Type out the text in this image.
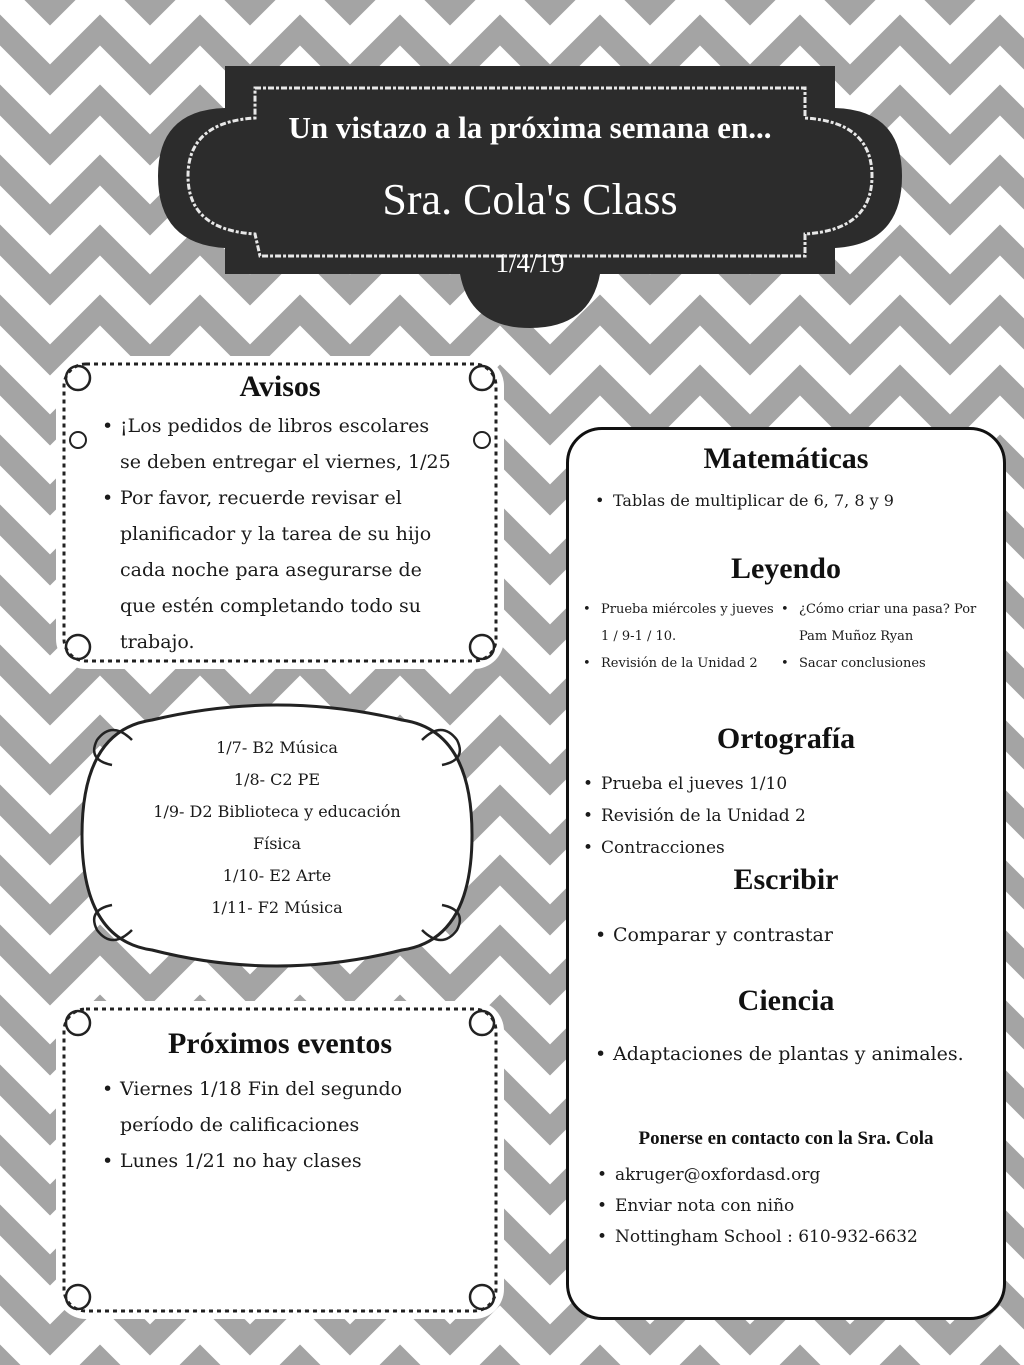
Un vistazo a la próxima semana en...
Sra. Cola's Class
1/4/19
Avisos
• ¡Los pedidos de libros escolares se deben entregar el viernes, 1/25
• Por favor, recuerde revisar el planificador y la tarea de su hijo cada noche para asegurarse de que estén completando todo su trabajo.
1/7- B2 Música
1/8- C2 PE
1/9- D2 Biblioteca y educación
Física
1/10- E2 Arte
1/11- F2 Música
Próximos eventos
• Viernes 1/18 Fin del segundo período de calificaciones
• Lunes 1/21 no hay clases
Matemáticas
• Tablas de multiplicar de 6, 7, 8 y 9
Leyendo
• Prueba miércoles y jueves 1 / 9-1 / 10.
• Revisión de la Unidad 2
• ¿Cómo criar una pasa? Por Pam Muñoz Ryan
• Sacar conclusiones
Ortografía
• Prueba el jueves 1/10
• Revisión de la Unidad 2
• Contracciones
Escribir
• Comparar y contrastar
Ciencia
• Adaptaciones de plantas y animales.
Ponerse en contacto con la Sra. Cola
• akruger@oxfordasd.org
• Enviar nota con niño
• Nottingham School : 610-932-6632
